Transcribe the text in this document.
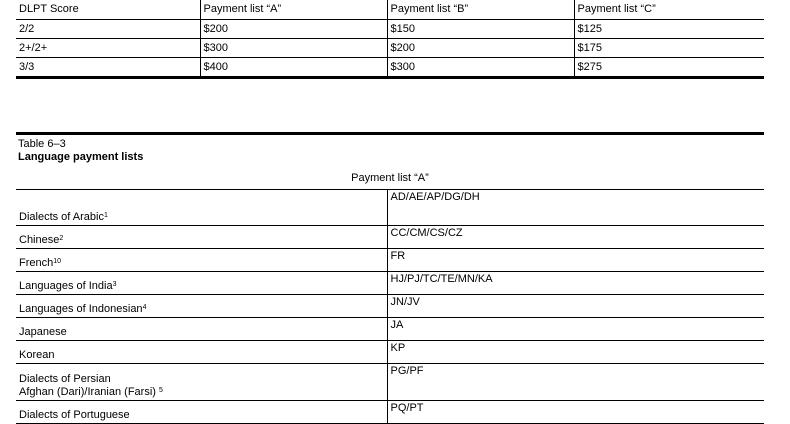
DLPT Score	Payment list “A”	Payment list “B”	Payment list “C”
2/2	$200	$150	$125
2+/2+	$300	$200	$175
3/3	$400	$300	$275
Table 6–3
Language payment lists
Payment list “A”	
Dialects of Arabic$^1$	AD/AE/AP/DG/DH
Chinese$^2$	CC/CM/CS/CZ
French$^{10}$	FR
Languages of India$^3$	HJ/PJ/TC/TE/MN/KA
Languages of Indonesian$^4$	JN/JV
Japanese	JA
Korean	KP
Dialects of Persian
Afghan (Dari)/Iranian (Farsi) $^5$	PG/PF
Dialects of Portuguese	PQ/PT
